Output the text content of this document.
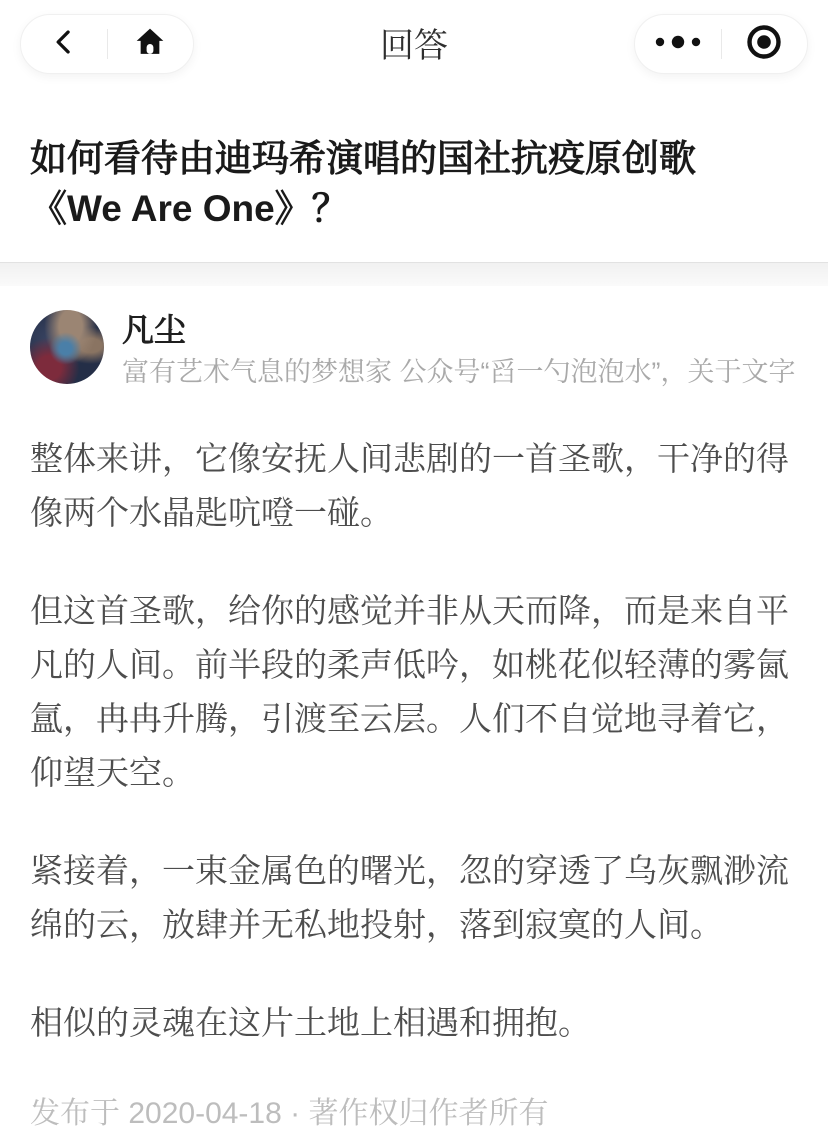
回答
如何看待由迪玛希演唱的国社抗疫原创歌
《We Are One》？
凡尘
富有艺术气息的梦想家 公众号“舀一勺泡泡水”，关于文字

整体来讲，它像安抚人间悲剧的一首圣歌，干净的得像两个水晶匙吭噔一碰。

但这首圣歌，给你的感觉并非从天而降，而是来自平凡的人间。前半段的柔声低吟，如桃花似轻薄的雾氤氲，冉冉升腾，引渡至云层。人们不自觉地寻着它，仰望天空。

紧接着，一束金属色的曙光，忽的穿透了乌灰飘渺流绵的云，放肆并无私地投射，落到寂寞的人间。

相似的灵魂在这片土地上相遇和拥抱。

发布于 2020-04-18 · 著作权归作者所有
